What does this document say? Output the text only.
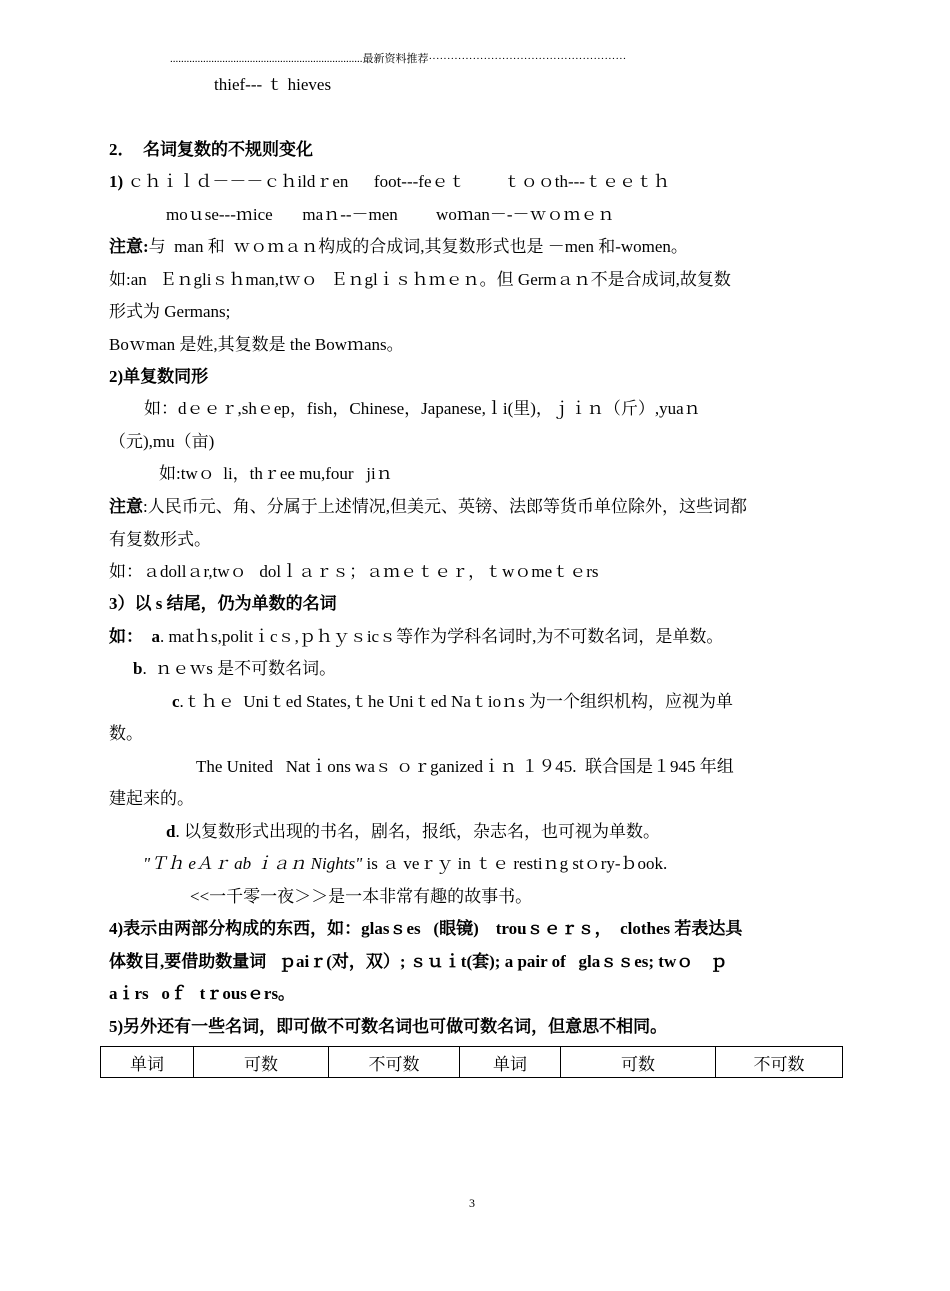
......................................................................最新资料推荐······················································
thief--- ｔ hieves
2．  名词复数的不规则变化
1) ｃｈｉｌｄ－－－ｃｈildｒen      foot---feｅｔ         ｔｏｏth---ｔｅｅｔｈ
moｕse---ｍice       maｎ--－men         woｍan－-－ｗｏｍｅｎ
注意:与  man 和  ｗｏｍａｎ构成的合成词,其复数形式也是 －men 和-women。
如:an   Ｅｎgliｓｈman,tｗｏ   Ｅｎglｉｓｈｍｅｎ。但 Germａｎ不是合成词,故复数
形式为 Germans;
Boｗman 是姓,其复数是 the Bowｍans。
2)单复数同形
如：dｅｅｒ,shｅep，fish，Chinese，Japanese,ｌi(里)，ｊｉｎ（斤）,yuaｎ
（元),mu（亩)
如:twｏ  li，thｒee mu,four   jiｎ
注意:人民币元、角、分属于上述情况,但美元、英镑、法郎等货币单位除外，这些词都
有复数形式。
如：ａdollａr,twｏ   dolｌａｒｓ；ａｍｅｔｅｒ，ｔwｏmeｔｅrs
3）以 s 结尾，仍为单数的名词
如：  a. matｈs,politｉcｓ,ｐｈｙｓicｓ等作为学科名词时,为不可数名词，是单数。
b.  ｎｅｗs 是不可数名词。
c.ｔｈｅ  Uniｔed States,ｔhe Uniｔed Naｔioｎs 为一个组织机构，应视为单
数。
The United   Natｉons waｓ ｏｒganizedｉｎ １９45.  联合国是１945 年组
建起来的。
d. 以复数形式出现的书名，剧名，报纸，杂志名，也可视为单数。
"Ｔｈ eＡｒ ab ｉａｎ Nights" is ａ veｒｙ in ｔｅ restiｎg stｏry-ｂook.
<<一千零一夜＞＞是一本非常有趣的故事书。
4)表示由两部分构成的东西，如：glasｓes   (眼镜)    trouｓｅｒｓ，  clothes 若表达具
体数目,要借助数量词   ｐaiｒ(对，双）; ｓｕｉt(套); a pair of   glaｓｓes; twｏ    ｐ
aｉrs   oｆ   tｒousｅrs。
5)另外还有一些名词，即可做不可数名词也可做可数名词，但意思不相同。
单词	可数	不可数	单词	可数	不可数
3
